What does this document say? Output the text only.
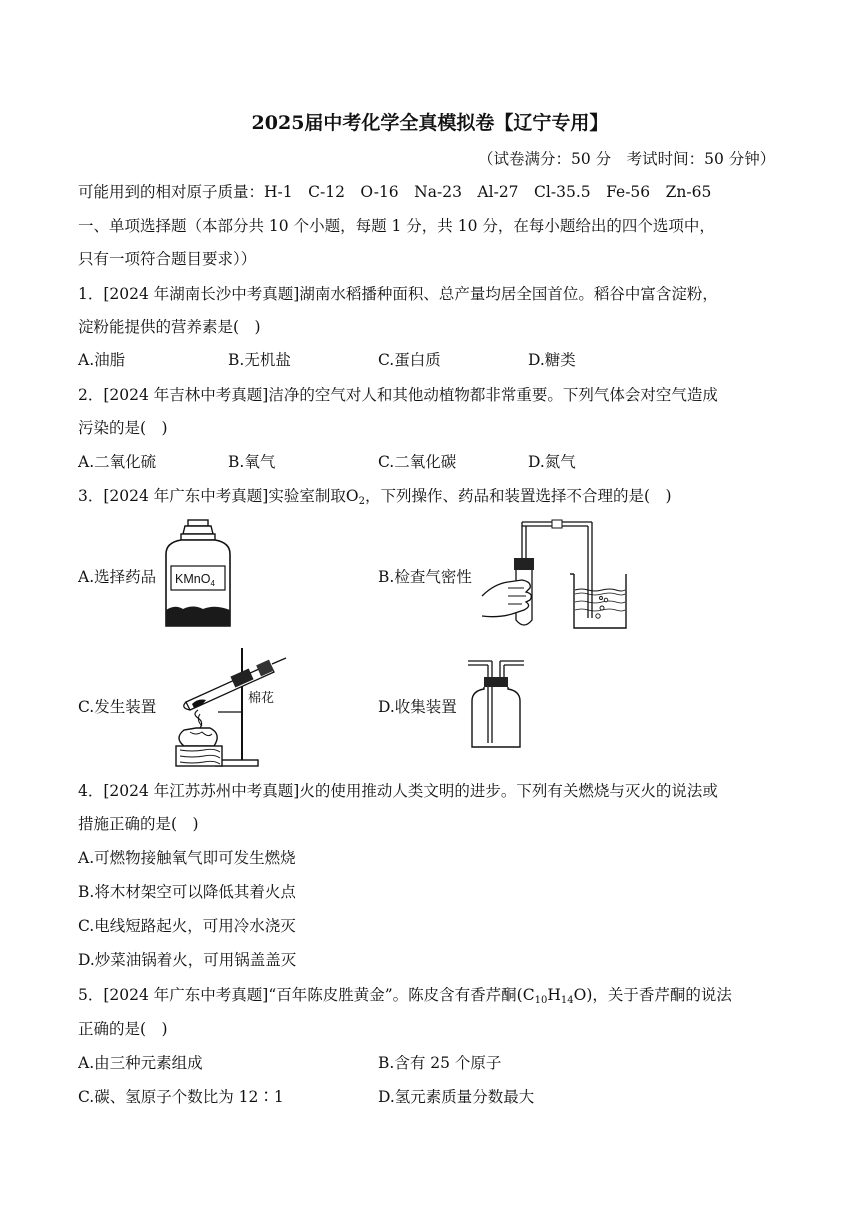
2025届中考化学全真模拟卷【辽宁专用】
（试卷满分：50 分　考试时间：50 分钟）
可能用到的相对原子质量：H-1　C-12　O-16　Na-23　Al-27　Cl-35.5　Fe-56　Zn-65
一、单项选择题（本部分共 10 个小题，每题 1 分，共 10 分，在每小题给出的四个选项中，
只有一项符合题目要求））
1．[2024 年湖南长沙中考真题]湖南水稻播种面积、总产量均居全国首位。稻谷中富含淀粉，
淀粉能提供的营养素是(　)
A.油脂	B.无机盐	C.蛋白质	D.糖类
2．[2024 年吉林中考真题]洁净的空气对人和其他动植物都非常重要。下列气体会对空气造成
污染的是(　)
A.二氧化硫	B.氧气	C.二氧化碳	D.氮气
3．[2024 年广东中考真题]实验室制取$O_2$，下列操作、药品和装置选择不合理的是(　)
A.选择药品	B.检查气密性
C.发生装置	D.收集装置
KMnO$_4$
棉花
4．[2024 年江苏苏州中考真题]火的使用推动人类文明的进步。下列有关燃烧与灭火的说法或
措施正确的是(　)
A.可燃物接触氧气即可发生燃烧
B.将木材架空可以降低其着火点
C.电线短路起火，可用冷水浇灭
D.炒菜油锅着火，可用锅盖盖灭
5．[2024 年广东中考真题]“百年陈皮胜黄金”。陈皮含有香芹酮$(C_{10}H_{14}O)$，关于香芹酮的说法
正确的是(　)
A.由三种元素组成	B.含有 25 个原子
C.碳、氢原子个数比为 12∶1	D.氢元素质量分数最大
